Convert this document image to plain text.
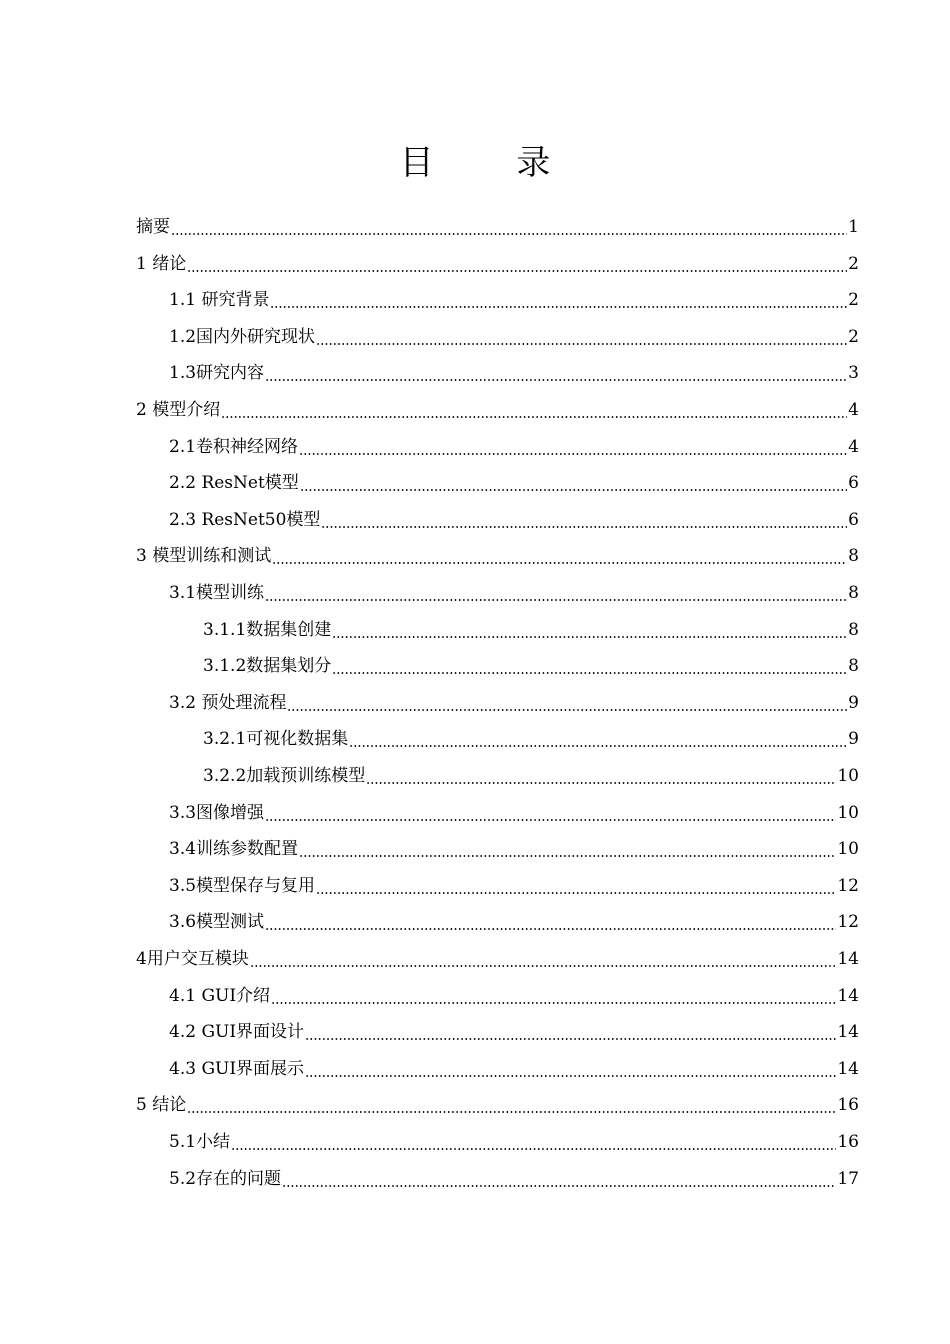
目 录
摘要	1
1 绪论	2
1.1 研究背景	2
1.2国内外研究现状	2
1.3研究内容	3
2 模型介绍	4
2.1卷积神经网络	4
2.2 ResNet模型	6
2.3 ResNet50模型	6
3 模型训练和测试	8
3.1模型训练	8
3.1.1数据集创建	8
3.1.2数据集划分	8
3.2 预处理流程	9
3.2.1可视化数据集	9
3.2.2加载预训练模型	10
3.3图像增强	10
3.4训练参数配置	10
3.5模型保存与复用	12
3.6模型测试	12
4用户交互模块	14
4.1 GUI介绍	14
4.2 GUI界面设计	14
4.3 GUI界面展示	14
5 结论	16
5.1小结	16
5.2存在的问题	17
